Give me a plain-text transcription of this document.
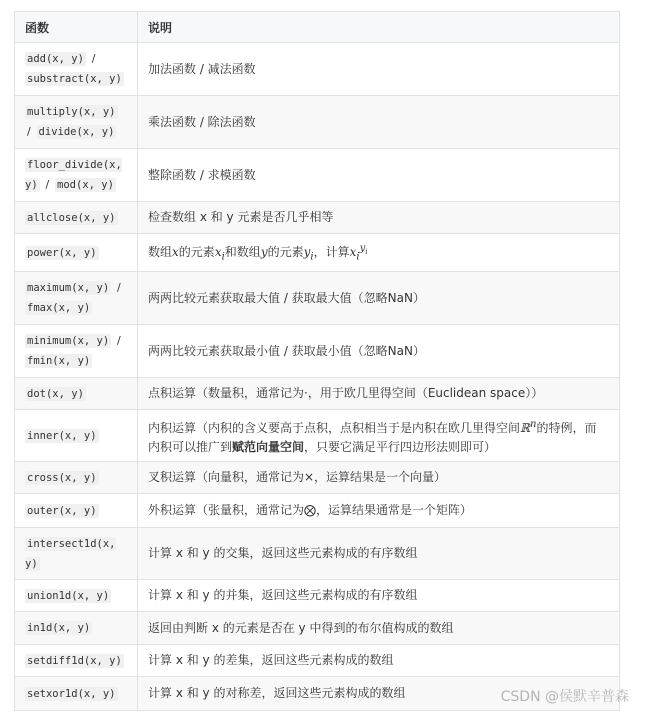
函数	说明
add(x, y) /
substract(x, y)	加法函数 / 减法函数
multiply(x, y)
/ divide(x, y)	乘法函数 / 除法函数
floor_divide(x, y) / mod(x, y)	整除函数 / 求模函数
allclose(x, y)	检查数组 x 和 y 元素是否几乎相等
power(x, y)	数组x的元素$x_i$和数组y的元素$y_i$，计算$x_i^{y_i}$
maximum(x, y) /
fmax(x, y)	两两比较元素获取最大值 / 获取最大值（忽略NaN）
minimum(x, y) /
fmin(x, y)	两两比较元素获取最小值 / 获取最小值（忽略NaN）
dot(x, y)	点积运算（数量积，通常记为·，用于欧几里得空间（Euclidean space））
inner(x, y)	内积运算（内积的含义要高于点积，点积相当于是内积在欧几里得空间ℝ$^n$的特例，而
内积可以推广到赋范向量空间，只要它满足平行四边形法则即可）
cross(x, y)	叉积运算（向量积，通常记为×，运算结果是一个向量）
outer(x, y)	外积运算（张量积，通常记为⨂，运算结果通常是一个矩阵）
intersect1d(x, y)	计算 x 和 y 的交集，返回这些元素构成的有序数组
union1d(x, y)	计算 x 和 y 的并集，返回这些元素构成的有序数组
in1d(x, y)	返回由判断 x 的元素是否在 y 中得到的布尔值构成的数组
setdiff1d(x, y)	计算 x 和 y 的差集，返回这些元素构成的数组
setxor1d(x, y)	计算 x 和 y 的对称差，返回这些元素构成的数组	CSDN @侯默辛普森
